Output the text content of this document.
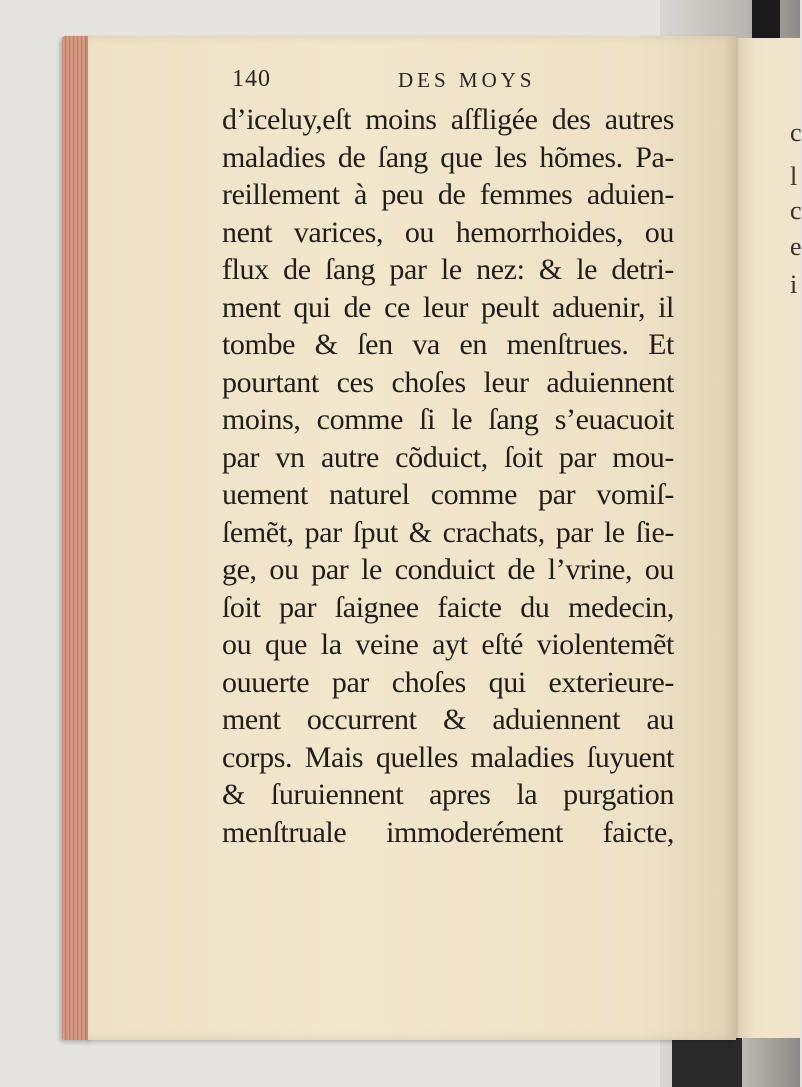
c
l
c
e
i
140	DES MOYS
d’iceluy,eſt moins aſfligée des autres
maladies de ſang que les hõmes. Pa-
reillement à peu de femmes aduien-
nent varices, ou hemorrhoides, ou
flux de ſang par le nez: & le detri-
ment qui de ce leur peult aduenir, il
tombe & ſen va en menſtrues. Et
pourtant ces choſes leur aduiennent
moins, comme ſi le ſang s’euacuoit
par vn autre cõduict, ſoit par mou-
uement naturel comme par vomiſ-
ſemẽt, par ſput & crachats, par le ſie-
ge, ou par le conduict de l’vrine, ou
ſoit par ſaignee faicte du medecin,
ou que la veine ayt eſté violentemẽt
ouuerte par choſes qui exterieure-
ment occurrent & aduiennent au
corps. Mais quelles maladies ſuyuent
& ſuruiennent apres la purgation
menſtruale immoderément faicte,
